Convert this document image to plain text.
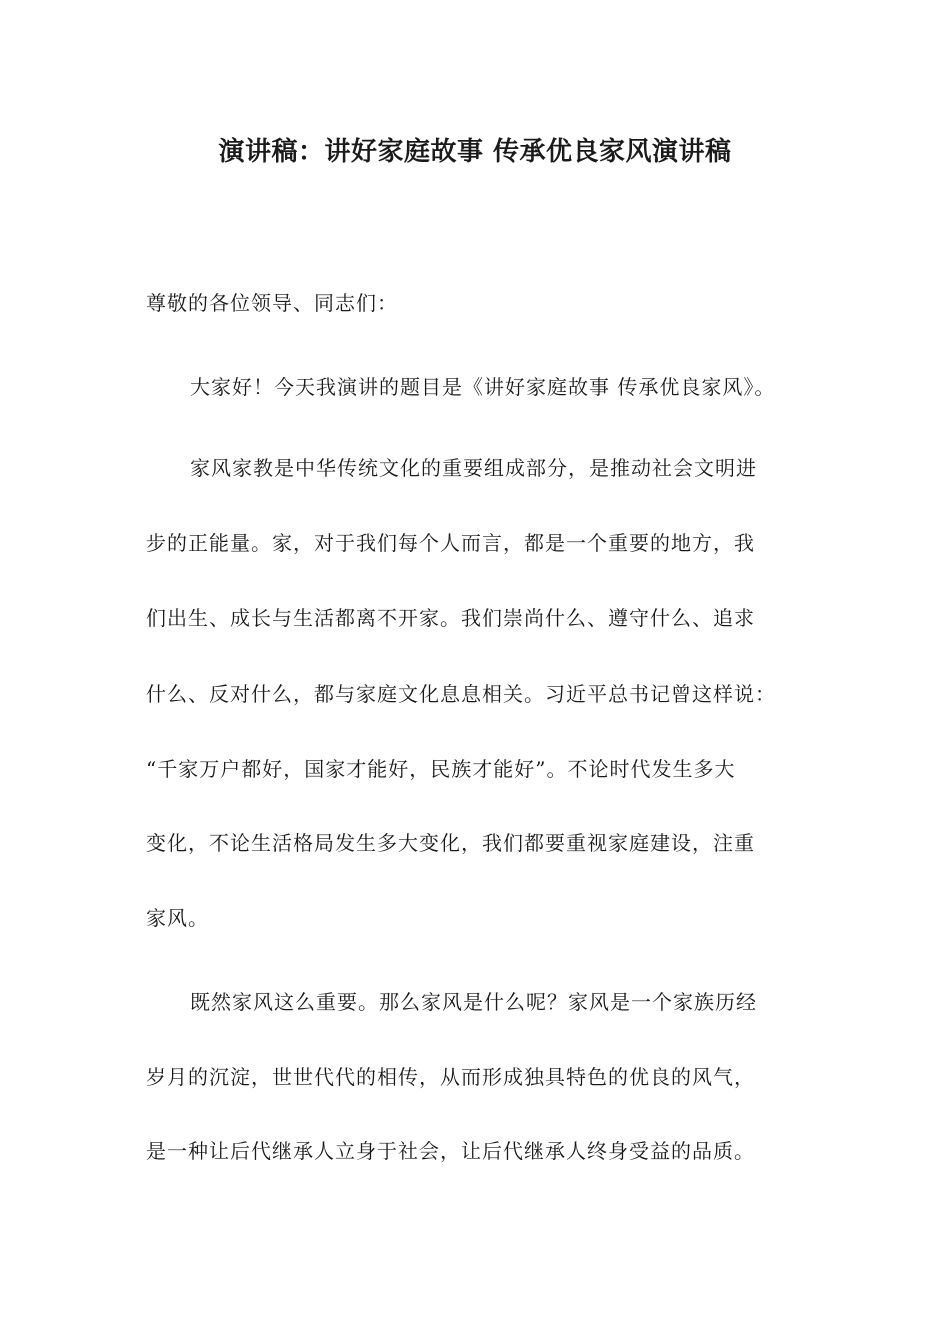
演讲稿：讲好家庭故事 传承优良家风演讲稿
尊敬的各位领导、同志们：
大家好！今天我演讲的题目是《讲好家庭故事 传承优良家风》。
家风家教是中华传统文化的重要组成部分，是推动社会文明进
步的正能量。家，对于我们每个人而言，都是一个重要的地方，我
们出生、成长与生活都离不开家。我们崇尚什么、遵守什么、追求
什么、反对什么，都与家庭文化息息相关。习近平总书记曾这样说：
“千家万户都好，国家才能好，民族才能好”。不论时代发生多大
变化，不论生活格局发生多大变化，我们都要重视家庭建设，注重
家风。
既然家风这么重要。那么家风是什么呢？家风是一个家族历经
岁月的沉淀，世世代代的相传，从而形成独具特色的优良的风气，
是一种让后代继承人立身于社会，让后代继承人终身受益的品质。
